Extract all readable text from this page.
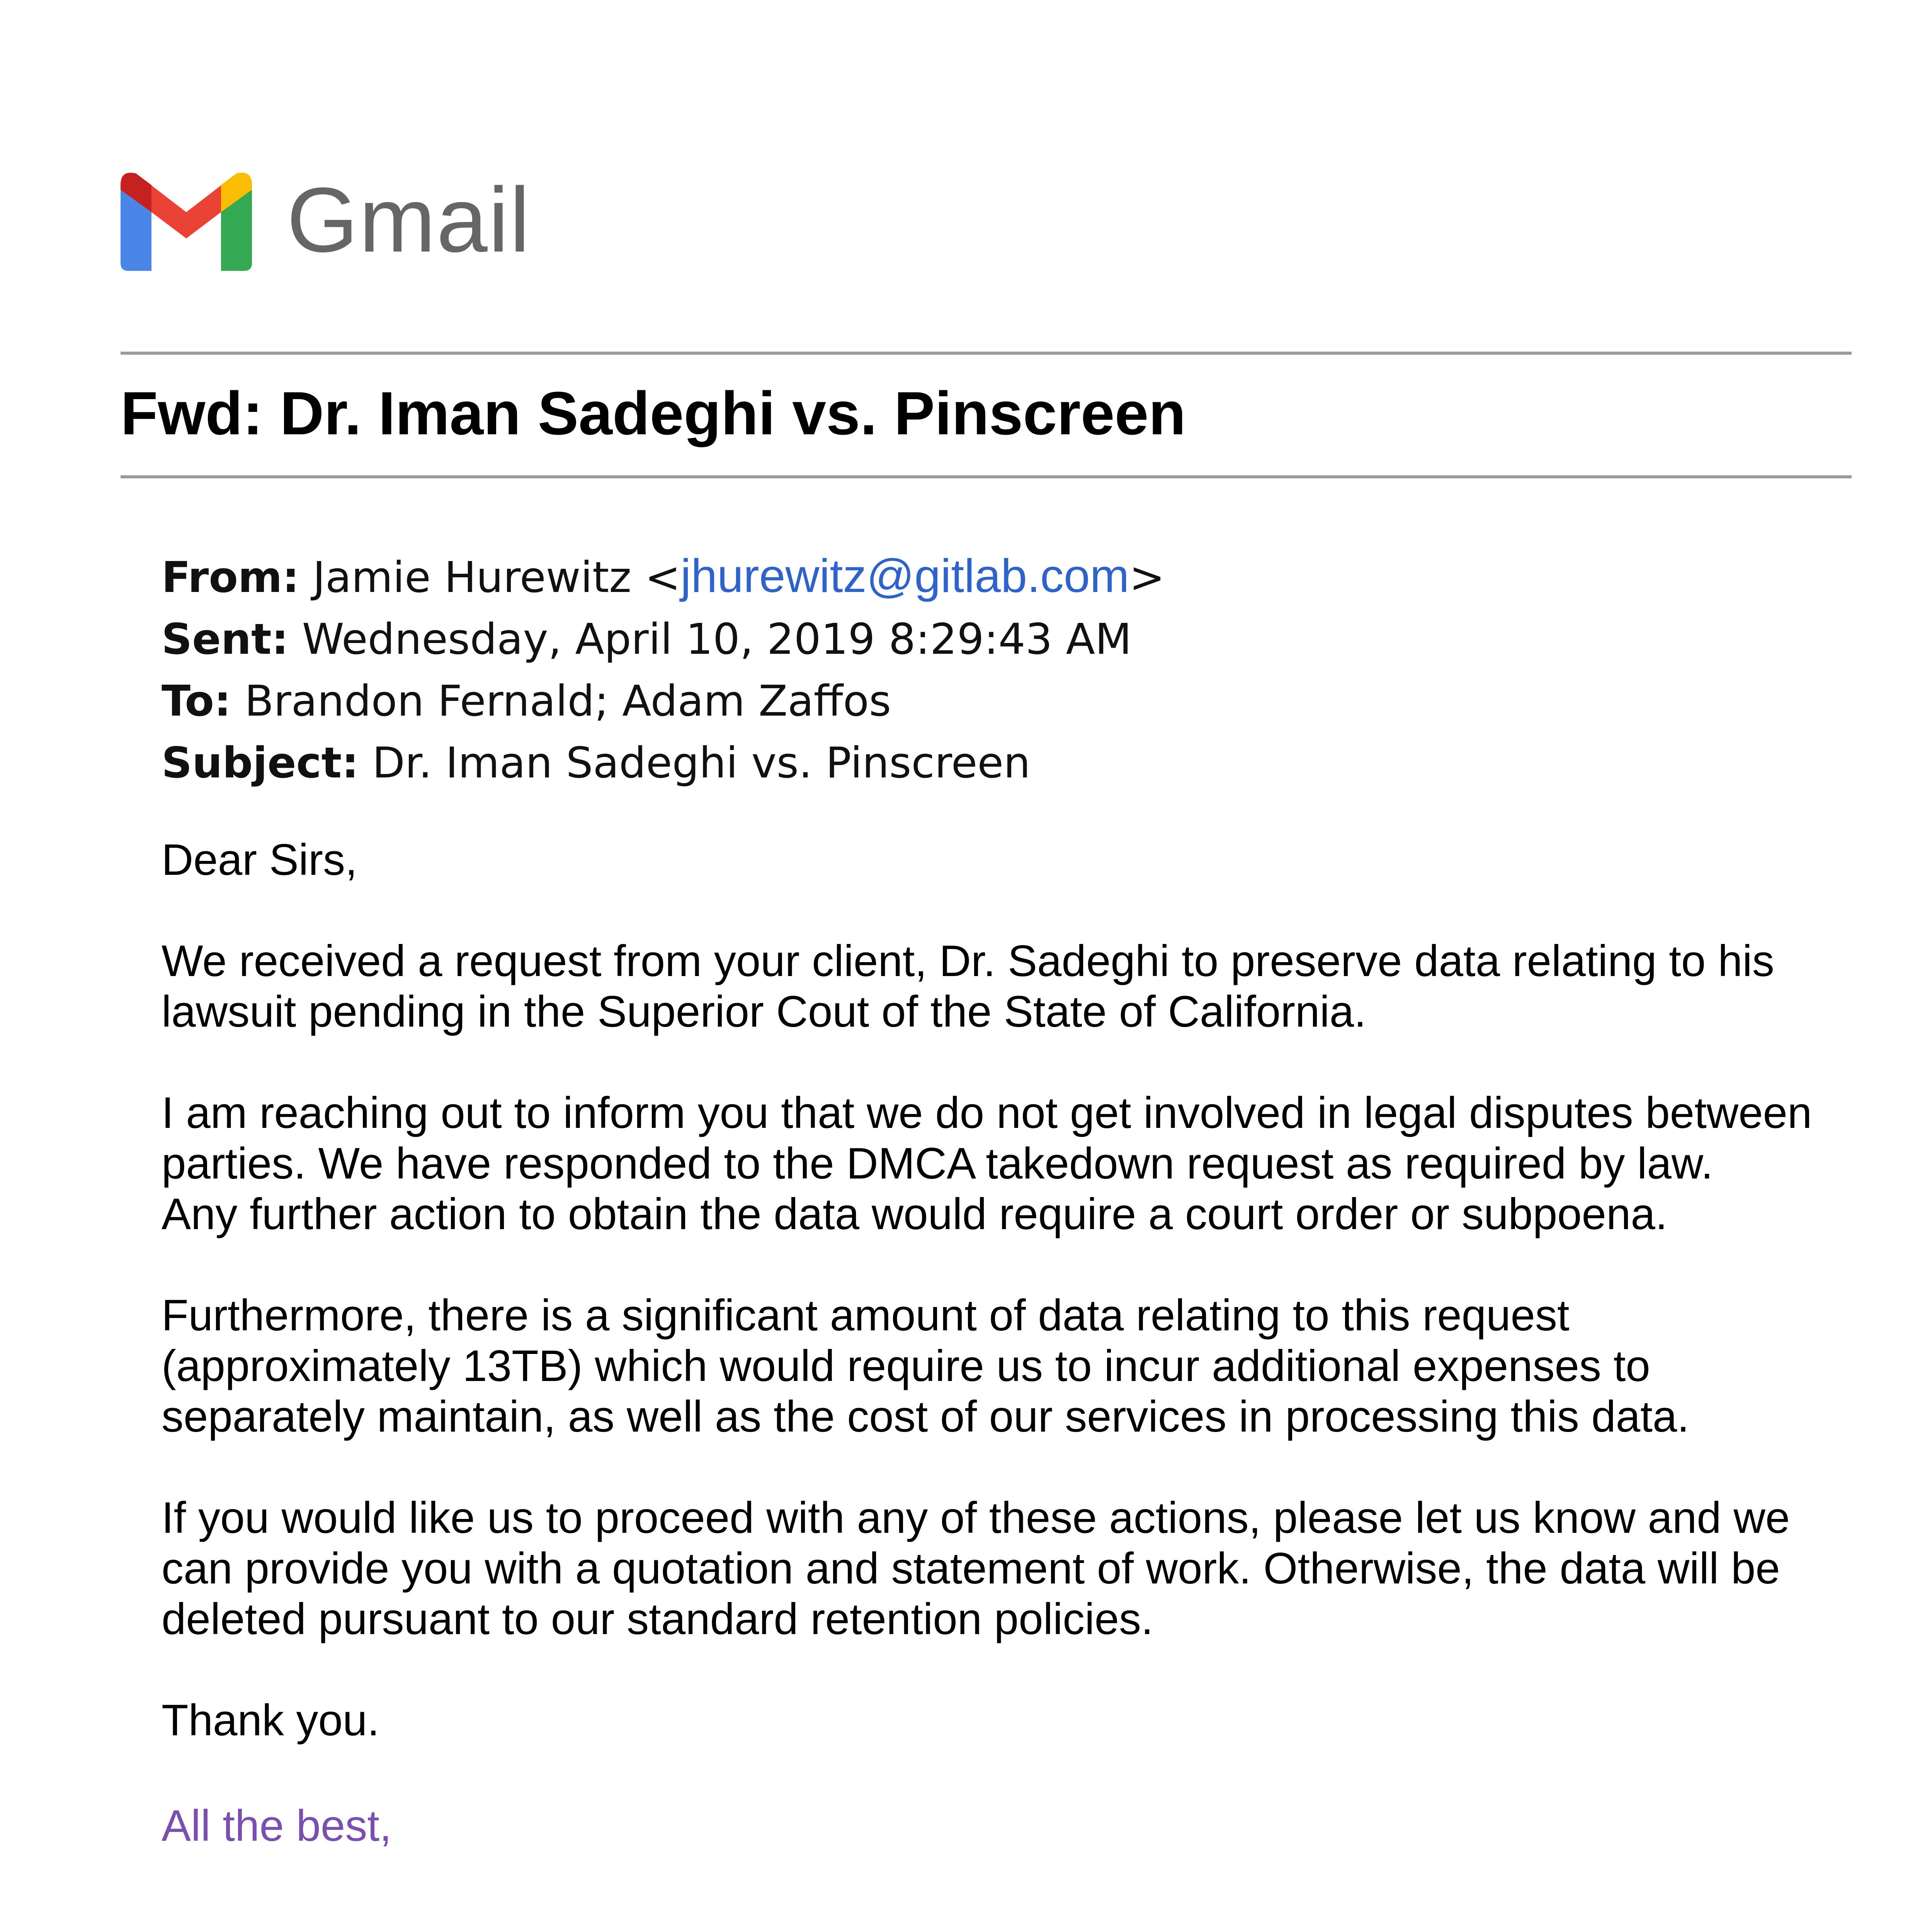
Gmail
Fwd: Dr. Iman Sadeghi vs. Pinscreen
From: Jamie Hurewitz <jhurewitz@gitlab.com>
Sent: Wednesday, April 10, 2019 8:29:43 AM
To: Brandon Fernald; Adam Zaffos
Subject: Dr. Iman Sadeghi vs. Pinscreen

Dear Sirs,

We received a request from your client, Dr. Sadeghi to preserve data relating to his
lawsuit pending in the Superior Cout of the State of California.

I am reaching out to inform you that we do not get involved in legal disputes between
parties. We have responded to the DMCA takedown request as required by law.
Any further action to obtain the data would require a court order or subpoena.

Furthermore, there is a significant amount of data relating to this request
(approximately 13TB) which would require us to incur additional expenses to
separately maintain, as well as the cost of our services in processing this data.

If you would like us to proceed with any of these actions, please let us know and we
can provide you with a quotation and statement of work. Otherwise, the data will be
deleted pursuant to our standard retention policies.

Thank you.

All the best,
